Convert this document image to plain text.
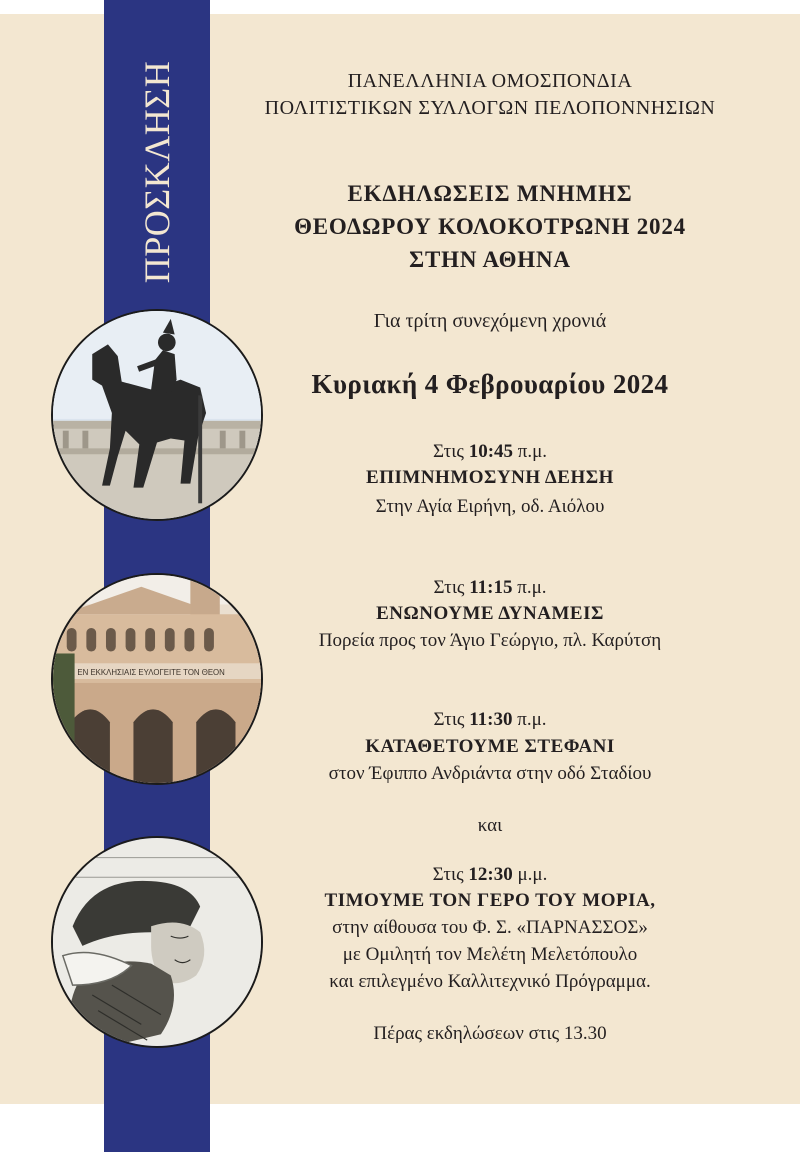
ΠΡΟΣΚΛΗΣΗ
ΕΝ ΕΚΚΛΗΣΙΑΙΣ ΕΥΛΟΓΕΙΤΕ ΤΟΝ ΘΕΟΝ
ΠΑΝΕΛΛΗΝΙΑ ΟΜΟΣΠΟΝΔΙΑ
ΠΟΛΙΤΙΣΤΙΚΩΝ ΣΥΛΛΟΓΩΝ ΠΕΛΟΠΟΝΝΗΣΙΩΝ
ΕΚΔΗΛΩΣΕΙΣ ΜΝΗΜΗΣ
ΘΕΟΔΩΡΟΥ ΚΟΛΟΚΟΤΡΩΝΗ 2024
ΣΤΗΝ ΑΘΗΝΑ
Για τρίτη συνεχόμενη χρονιά
Κυριακή 4 Φεβρουαρίου 2024
Στις 10:45 π.μ.
ΕΠΙΜΝΗΜΟΣΥΝΗ ΔΕΗΣΗ
Στην Αγία Ειρήνη, οδ. Αιόλου
Στις 11:15 π.μ.
ΕΝΩΝΟΥΜΕ ΔΥΝΑΜΕΙΣ
Πορεία προς τον Άγιο Γεώργιο, πλ. Καρύτση
Στις 11:30 π.μ.
ΚΑΤΑΘΕΤΟΥΜΕ ΣΤΕΦΑΝΙ
στον Έφιππο Ανδριάντα στην οδό Σταδίου
και
Στις 12:30 μ.μ.
ΤΙΜΟΥΜΕ ΤΟΝ ΓΕΡΟ ΤΟΥ ΜΟΡΙΑ,
στην αίθουσα του Φ. Σ. «ΠΑΡΝΑΣΣΟΣ»
με Ομιλητή τον Μελέτη Μελετόπουλο
και επιλεγμένο Καλλιτεχνικό Πρόγραμμα.
Πέρας εκδηλώσεων στις 13.30
